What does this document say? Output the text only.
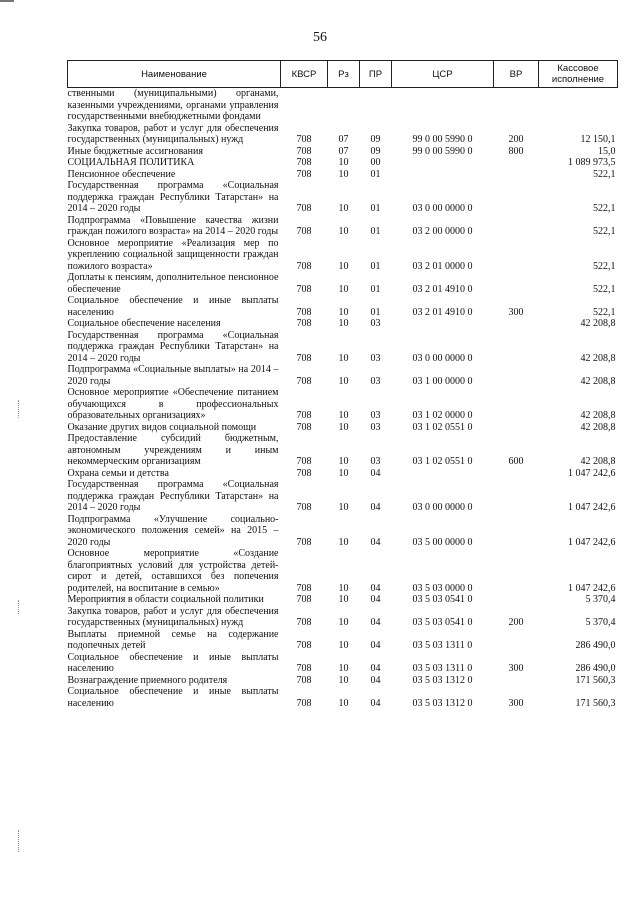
56
Наименование	КВСР	Рз	ПР	ЦСР	ВР	Кассовое исполнение
ственными (муниципальными) органами, казенными учреждениями, органами управления государственными внебюджетными фондами						
Закупка товаров, работ и услуг для обеспечения государственных (муниципальных) нужд	708	07	09	99 0 00 5990 0	200	12 150,1
Иные бюджетные ассигнования	708	07	09	99 0 00 5990 0	800	15,0
СОЦИАЛЬНАЯ ПОЛИТИКА	708	10	00			1 089 973,5
Пенсионное обеспечение	708	10	01			522,1
Государственная программа «Социальная поддержка граждан Республики Татарстан» на 2014 – 2020 годы	708	10	01	03 0 00 0000 0		522,1
Подпрограмма «Повышение качества жизни граждан пожилого возраста» на 2014 – 2020 годы	708	10	01	03 2 00 0000 0		522,1
Основное мероприятие «Реализация мер по укреплению социальной защищенности граждан пожилого возраста»	708	10	01	03 2 01 0000 0		522,1
Доплаты к пенсиям, дополнительное пенсионное обеспечение	708	10	01	03 2 01 4910 0		522,1
Социальное обеспечение и иные выплаты населению	708	10	01	03 2 01 4910 0	300	522,1
Социальное обеспечение населения	708	10	03			42 208,8
Государственная программа «Социальная поддержка граждан Республики Татарстан» на 2014 – 2020 годы	708	10	03	03 0 00 0000 0		42 208,8
Подпрограмма «Социальные выплаты» на 2014 – 2020 годы	708	10	03	03 1 00 0000 0		42 208,8
Основное мероприятие «Обеспечение питанием обучающихся в профессиональных образовательных организациях»	708	10	03	03 1 02 0000 0		42 208,8
Оказание других видов социальной помощи	708	10	03	03 1 02 0551 0		42 208,8
Предоставление субсидий бюджетным, автономным учреждениям и иным некоммерческим организациям	708	10	03	03 1 02 0551 0	600	42 208,8
Охрана семьи и детства	708	10	04			1 047 242,6
Государственная программа «Социальная поддержка граждан Республики Татарстан» на 2014 – 2020 годы	708	10	04	03 0 00 0000 0		1 047 242,6
Подпрограмма «Улучшение социально-экономического положения семей» на 2015 – 2020 годы	708	10	04	03 5 00 0000 0		1 047 242,6
Основное мероприятие «Создание благоприятных условий для устройства детей-сирот и детей, оставшихся без попечения родителей, на воспитание в семью»	708	10	04	03 5 03 0000 0		1 047 242,6
Мероприятия в области социальной политики	708	10	04	03 5 03 0541 0		5 370,4
Закупка товаров, работ и услуг для обеспечения государственных (муниципальных) нужд	708	10	04	03 5 03 0541 0	200	5 370,4
Выплаты приемной семье на содержание подопечных детей	708	10	04	03 5 03 1311 0		286 490,0
Социальное обеспечение и иные выплаты населению	708	10	04	03 5 03 1311 0	300	286 490,0
Вознаграждение приемного родителя	708	10	04	03 5 03 1312 0		171 560,3
Социальное обеспечение и иные выплаты населению	708	10	04	03 5 03 1312 0	300	171 560,3
